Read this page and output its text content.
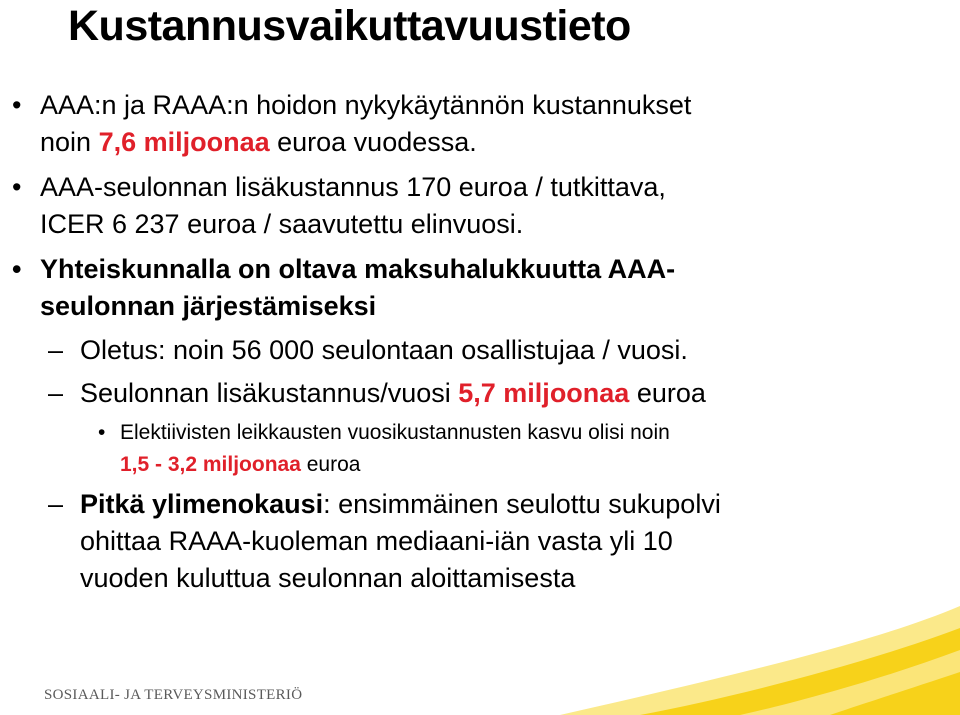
Kustannusvaikuttavuustieto
• AAA:n ja RAAA:n hoidon nykykäytännön kustannukset
noin 7,6 miljoonaa euroa vuodessa.
• AAA-seulonnan lisäkustannus 170 euroa / tutkittava,
ICER 6 237 euroa / saavutettu elinvuosi.
• Yhteiskunnalla on oltava maksuhalukkuutta AAA-
seulonnan järjestämiseksi
– Oletus: noin 56 000 seulontaan osallistujaa / vuosi.
– Seulonnan lisäkustannus/vuosi 5,7 miljoonaa euroa
• Elektiivisten leikkausten vuosikustannusten kasvu olisi noin
1,5 - 3,2 miljoonaa euroa
– Pitkä ylimenokausi: ensimmäinen seulottu sukupolvi
ohittaa RAAA-kuoleman mediaani-iän vasta yli 10
vuoden kuluttua seulonnan aloittamisesta
SOSIAALI- JA TERVEYSMINISTERIÖ
